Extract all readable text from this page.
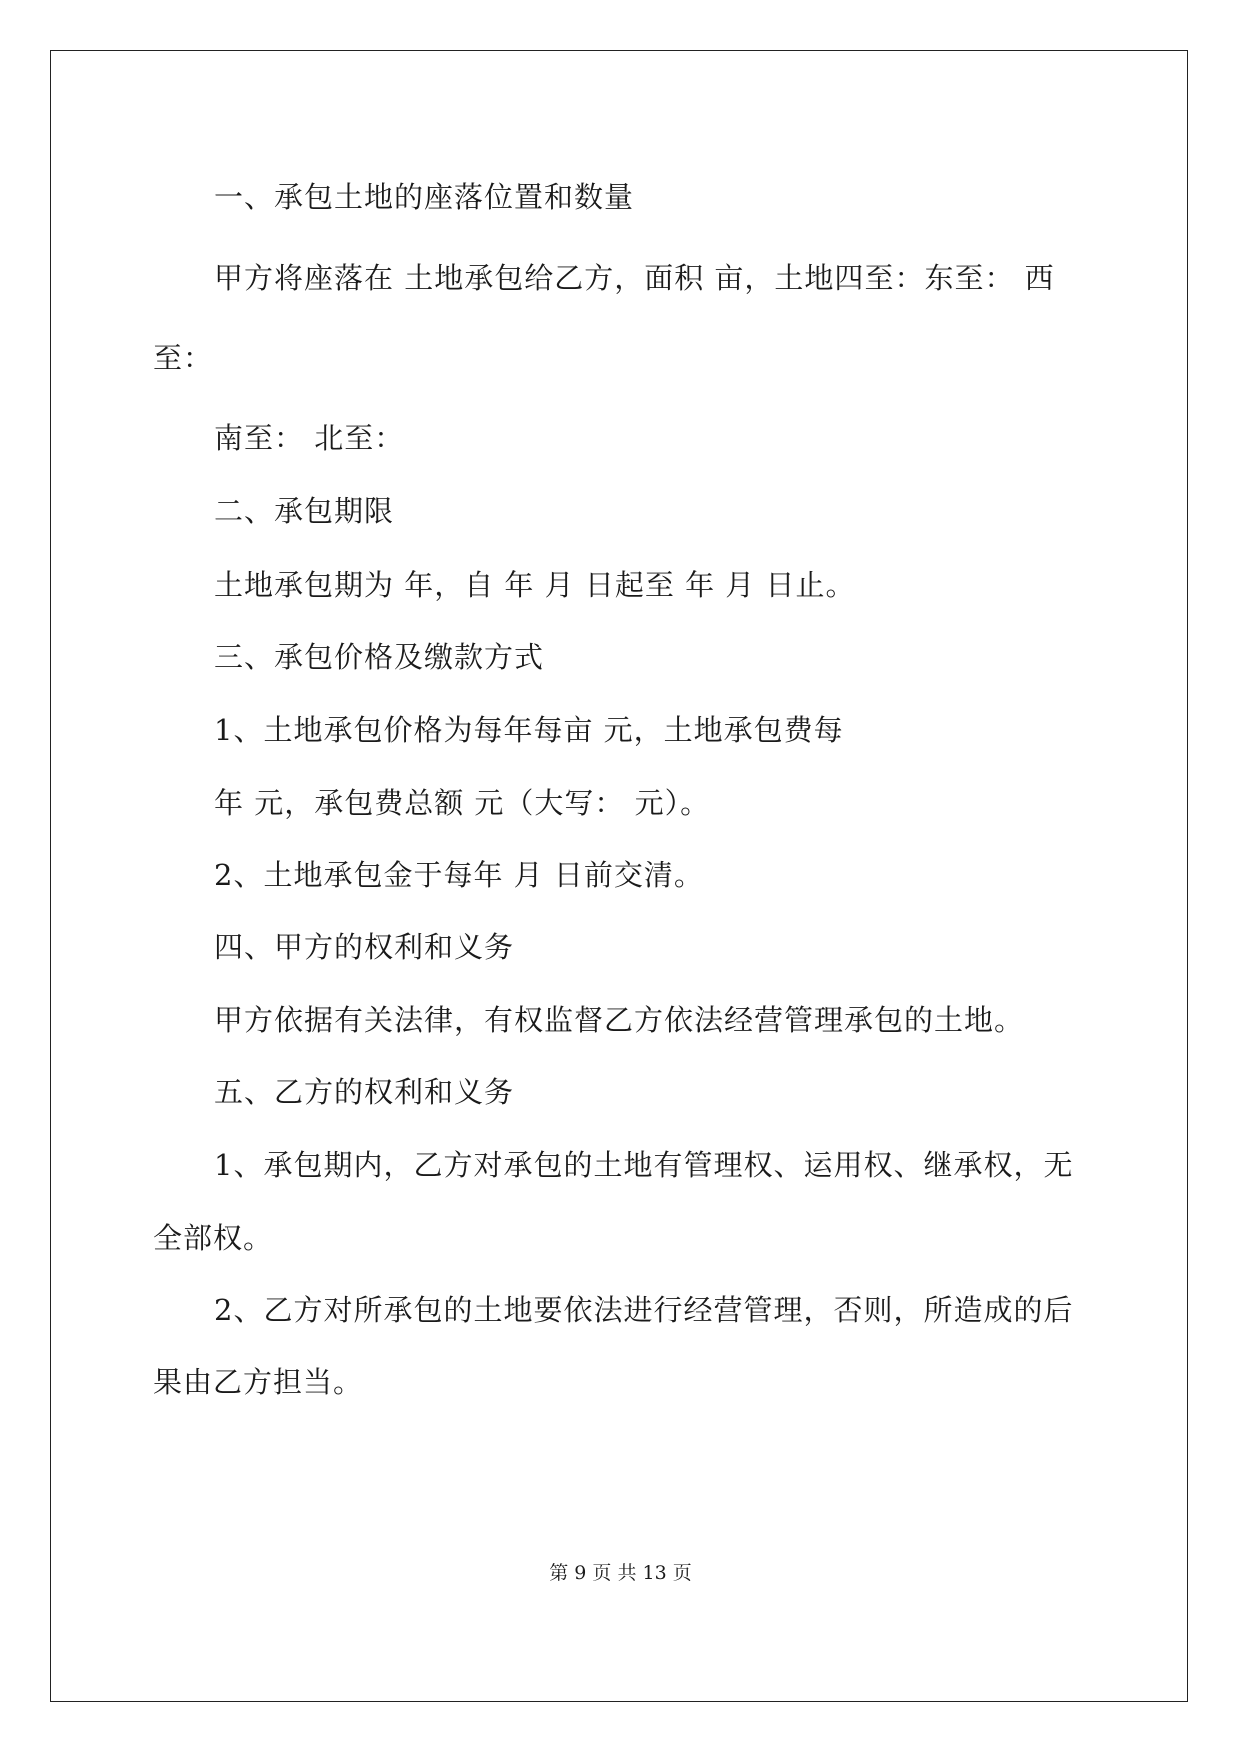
一、承包土地的座落位置和数量
甲方将座落在 土地承包给乙方，面积 亩，土地四至：东至： 西
至：
南至： 北至：
二、承包期限
土地承包期为 年，自 年 月 日起至 年 月 日止。
三、承包价格及缴款方式
1、土地承包价格为每年每亩 元，土地承包费每
年 元，承包费总额 元（大写： 元）。
2、土地承包金于每年 月 日前交清。
四、甲方的权利和义务
甲方依据有关法律，有权监督乙方依法经营管理承包的土地。
五、乙方的权利和义务
1、承包期内，乙方对承包的土地有管理权、运用权、继承权，无
全部权。
2、乙方对所承包的土地要依法进行经营管理，否则，所造成的后
果由乙方担当。
第 9 页 共 13 页
